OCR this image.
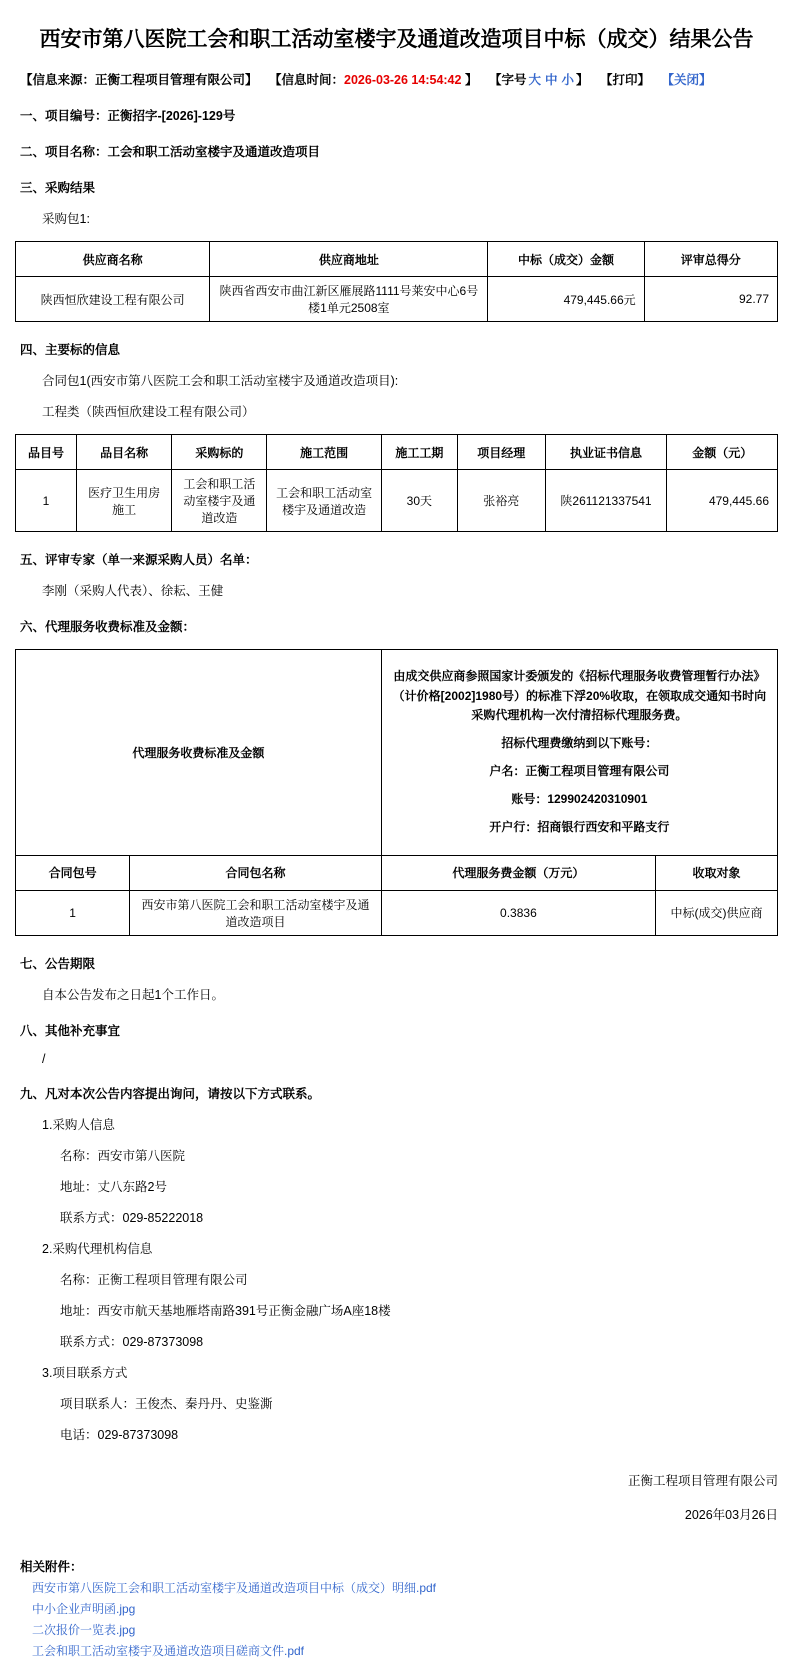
西安市第八医院工会和职工活动室楼宇及通道改造项目中标（成交）结果公告
【信息来源：正衡工程项目管理有限公司】 【信息时间：2026-03-26 14:54:42 】 【字号 大 中 小 】 【打印】 【关闭】
一、项目编号：正衡招字-[2026]-129号
二、项目名称：工会和职工活动室楼宇及通道改造项目
三、采购结果
采购包1:
供应商名称	供应商地址	中标（成交）金额	评审总得分
陕西恒欣建设工程有限公司	陕西省西安市曲江新区雁展路1111号莱安中心6号楼1单元2508室	479,445.66元	92.77
四、主要标的信息
合同包1(西安市第八医院工会和职工活动室楼宇及通道改造项目):
工程类（陕西恒欣建设工程有限公司）
品目号	品目名称	采购标的	施工范围	施工工期	项目经理	执业证书信息	金额（元）
1	医疗卫生用房施工	工会和职工活动室楼宇及通道改造	工会和职工活动室楼宇及通道改造	30天	张裕亮	陕261121337541	479,445.66
五、评审专家（单一来源采购人员）名单：
李刚（采购人代表）、徐耘、王健
六、代理服务收费标准及金额：
代理服务收费标准及金额		由成交供应商参照国家计委颁发的《招标代理服务收费管理暂行办法》（计价格[2002]1980号）的标准下浮20%收取，在领取成交通知书时向采购代理机构一次付清招标代理服务费。
招标代理费缴纳到以下账号：
户名：正衡工程项目管理有限公司
账号：129902420310901
开户行：招商银行西安和平路支行	

合同包号	合同包名称	代理服务费金额（万元）	收取对象
1	西安市第八医院工会和职工活动室楼宇及通道改造项目	0.3836	中标(成交)供应商
七、公告期限
自本公告发布之日起1个工作日。
八、其他补充事宜
/
九、凡对本次公告内容提出询问，请按以下方式联系。
1.采购人信息
名称：西安市第八医院
地址：丈八东路2号
联系方式：029-85222018
2.采购代理机构信息
名称：正衡工程项目管理有限公司
地址：西安市航天基地雁塔南路391号正衡金融广场A座18楼
联系方式：029-87373098
3.项目联系方式
项目联系人：王俊杰、秦丹丹、史鉴澌
电话：029-87373098
正衡工程项目管理有限公司
2026年03月26日
相关附件：
西安市第八医院工会和职工活动室楼宇及通道改造项目中标（成交）明细.pdf
中小企业声明函.jpg
二次报价一览表.jpg
工会和职工活动室楼宇及通道改造项目磋商文件.pdf
